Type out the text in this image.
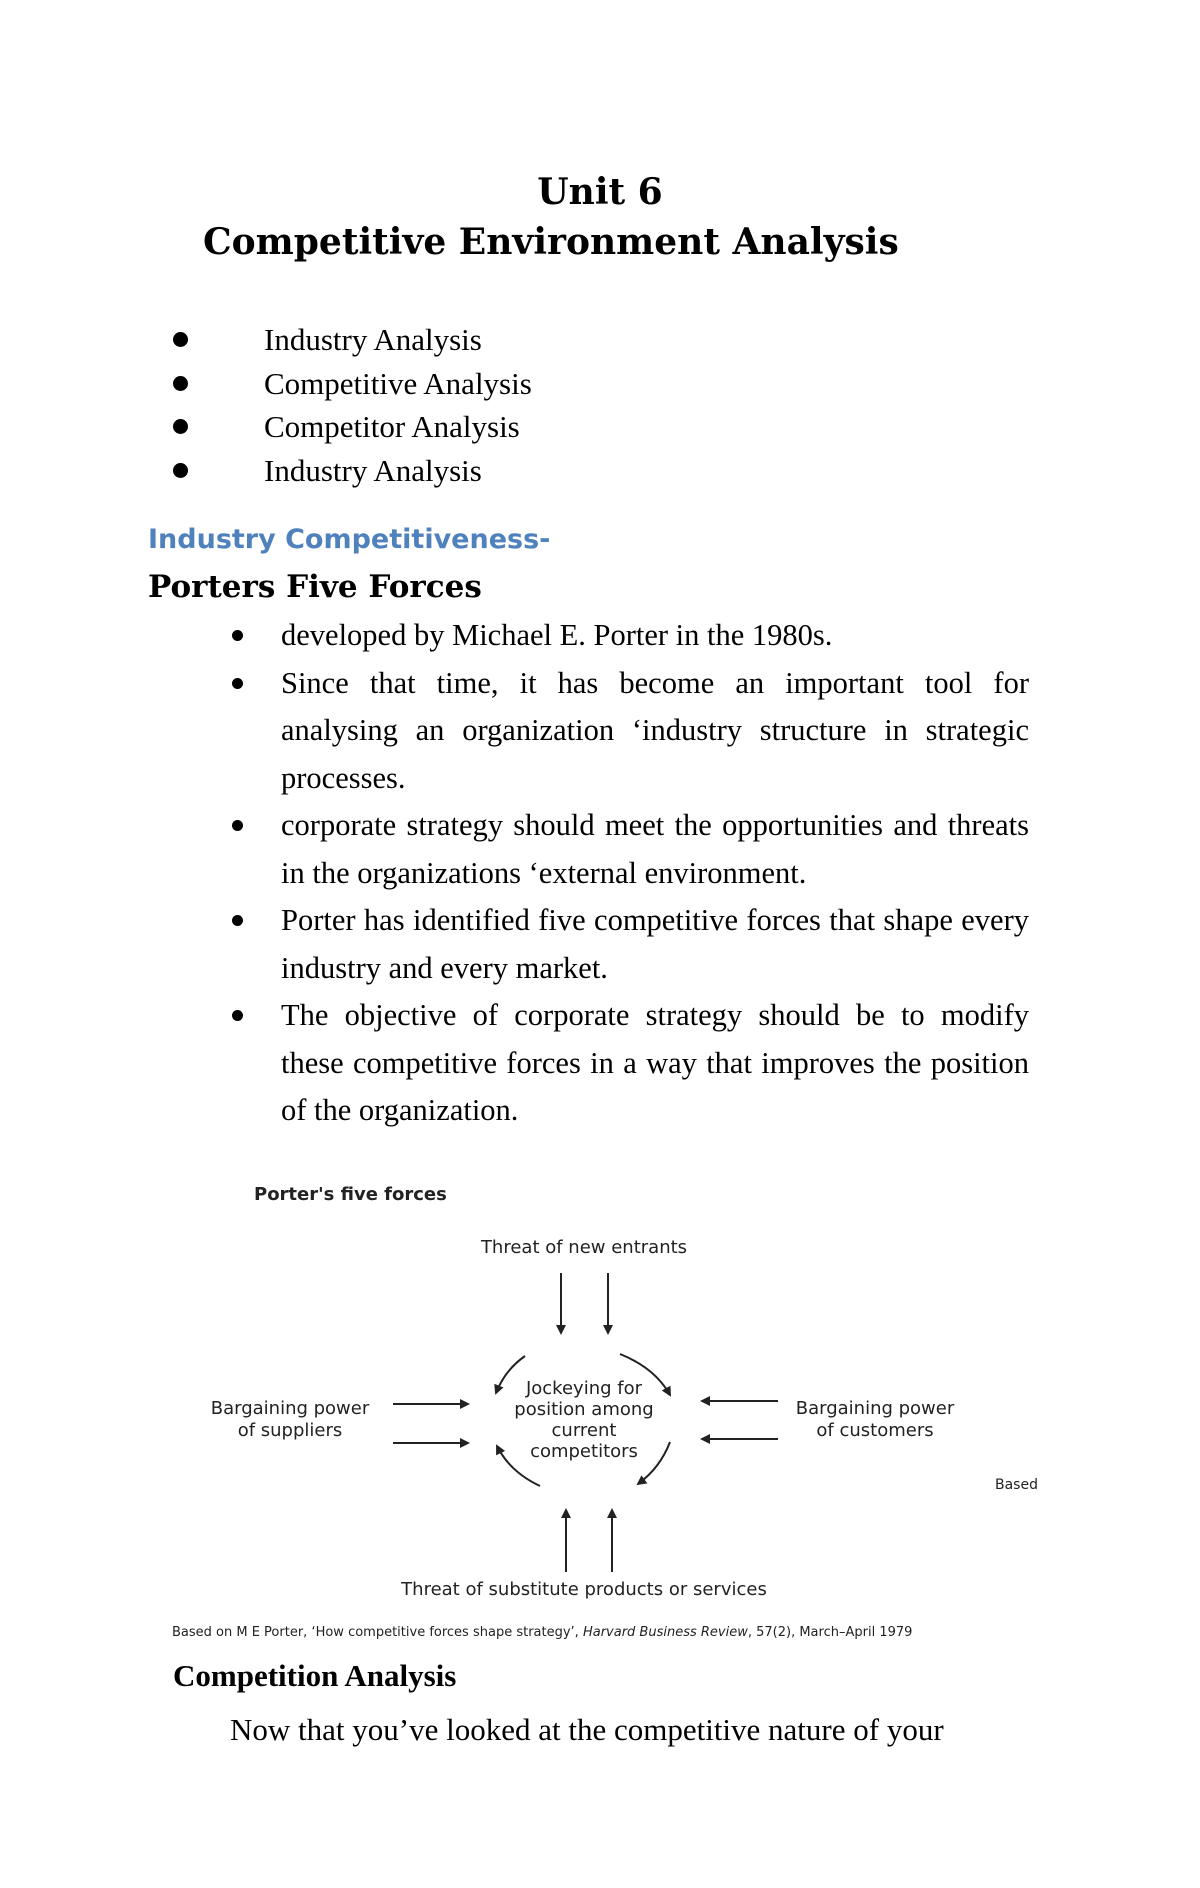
Unit 6
Competitive Environment Analysis
Industry Analysis
Competitive Analysis
Competitor Analysis
Industry Analysis
Industry Competitiveness-
Porters Five Forces
developed by Michael E. Porter in the 1980s.
Since that time, it has become an important tool for analysing an organization ‘industry structure in strategic processes.
corporate strategy should meet the opportunities and threats in the organizations ‘external environment.
Porter has identified five competitive forces that shape every industry and every market.
The objective of corporate strategy should be to modify these competitive forces in a way that improves the position of the organization.
Porter's five forces
Threat of new entrants
Bargaining power
of suppliers
Bargaining power
of customers
Jockeying for
position among
current
competitors
Threat of substitute products or services
Based
Based on M E Porter, ‘How competitive forces shape strategy’, Harvard Business Review, 57(2), March–April 1979
Competition Analysis

Now that you’ve looked at the competitive nature of your
